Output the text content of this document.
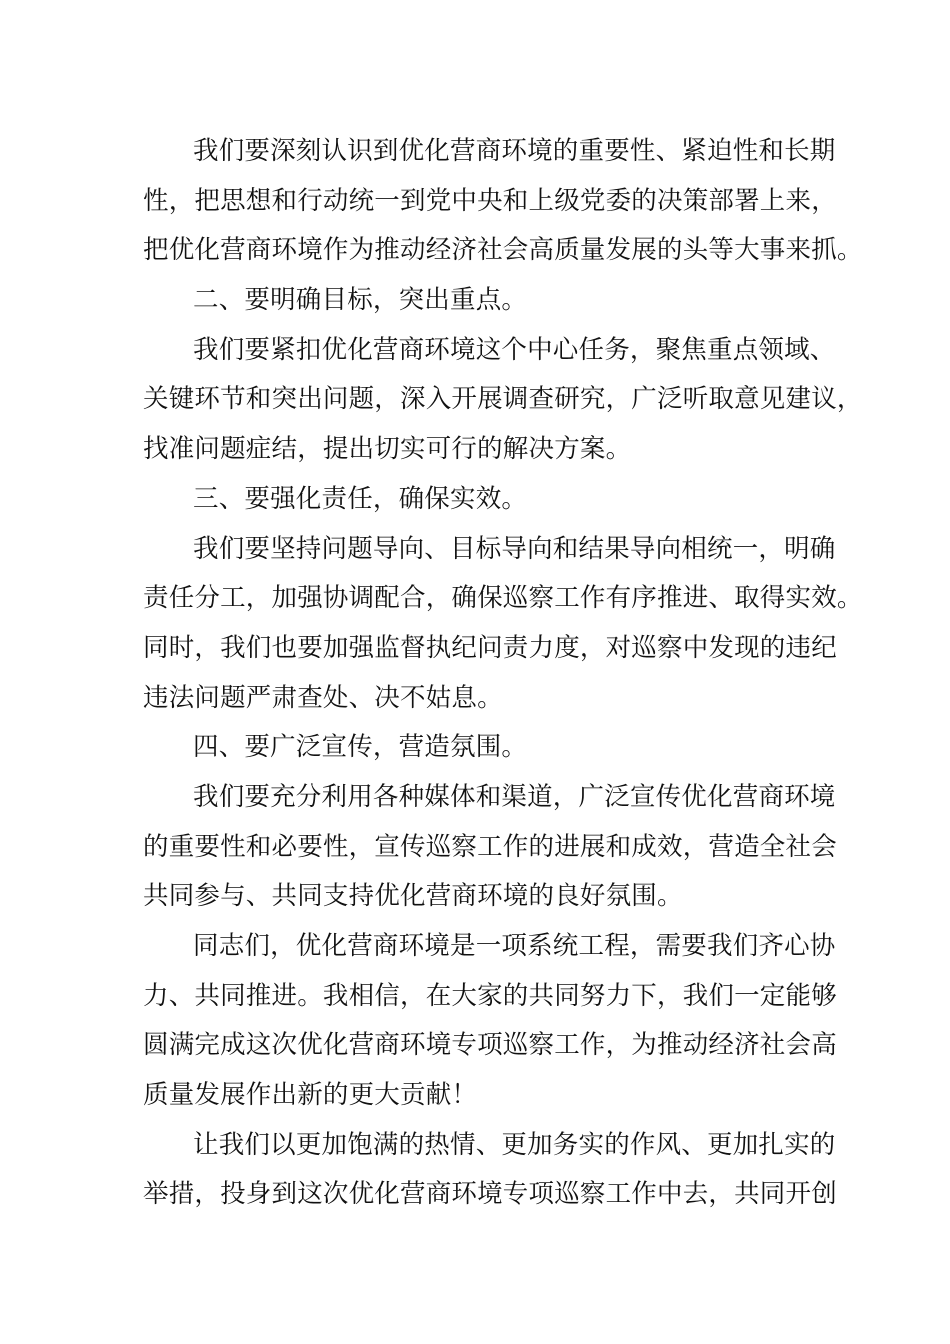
我们要深刻认识到优化营商环境的重要性、紧迫性和长期
性，把思想和行动统一到党中央和上级党委的决策部署上来，
把优化营商环境作为推动经济社会高质量发展的头等大事来抓。
二、要明确目标，突出重点。
我们要紧扣优化营商环境这个中心任务，聚焦重点领域、
关键环节和突出问题，深入开展调查研究，广泛听取意见建议，
找准问题症结，提出切实可行的解决方案。
三、要强化责任，确保实效。
我们要坚持问题导向、目标导向和结果导向相统一，明确
责任分工，加强协调配合，确保巡察工作有序推进、取得实效。
同时，我们也要加强监督执纪问责力度，对巡察中发现的违纪
违法问题严肃查处、决不姑息。
四、要广泛宣传，营造氛围。
我们要充分利用各种媒体和渠道，广泛宣传优化营商环境
的重要性和必要性，宣传巡察工作的进展和成效，营造全社会
共同参与、共同支持优化营商环境的良好氛围。
同志们，优化营商环境是一项系统工程，需要我们齐心协
力、共同推进。我相信，在大家的共同努力下，我们一定能够
圆满完成这次优化营商环境专项巡察工作，为推动经济社会高
质量发展作出新的更大贡献！
让我们以更加饱满的热情、更加务实的作风、更加扎实的
举措，投身到这次优化营商环境专项巡察工作中去，共同开创
